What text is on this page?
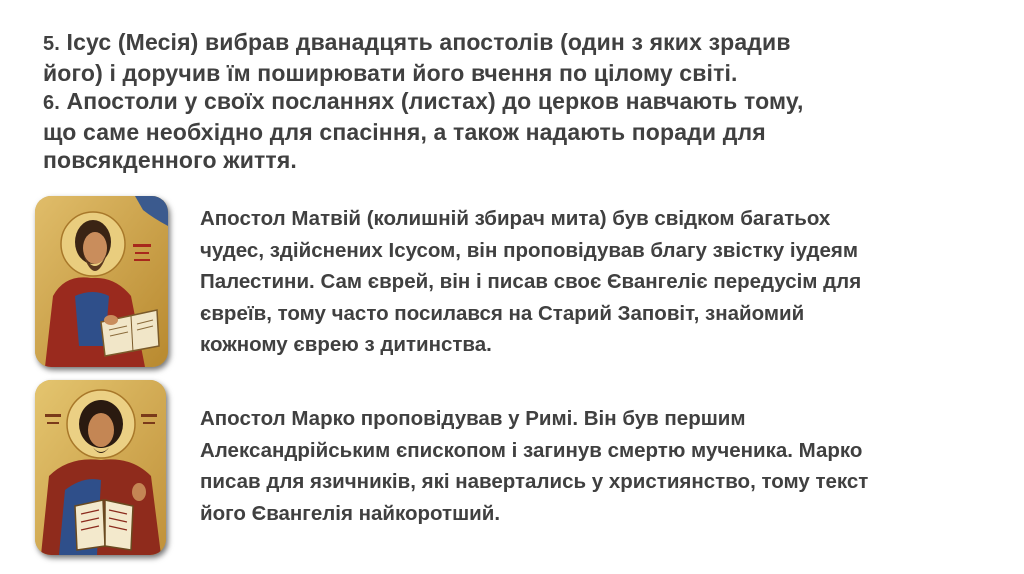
5. Ісус (Месія) вибрав дванадцять апостолів (один з яких зрадив
його) і доручив їм поширювати його вчення по цілому світі.
6. Апостоли у своїх посланнях (листах) до церков навчають тому,
що саме необхідно для спасіння, а також надають поради для
повсякденного життя.
Апостол Матвій (колишній збирач мита) був свідком багатьох
чудес, здійснених Ісусом, він проповідував благу звістку іудеям
Палестини. Сам єврей, він і писав своє Євангеліє передусім для
євреїв, тому часто посилався на Старий Заповіт, знайомий
кожному єврею з дитинства.
Апостол Марко проповідував у Римі. Він був першим
Александрійським єпископом і загинув смертю мученика. Марко
писав для язичників, які навертались у християнство, тому текст
його Євангелія найкоротший.
